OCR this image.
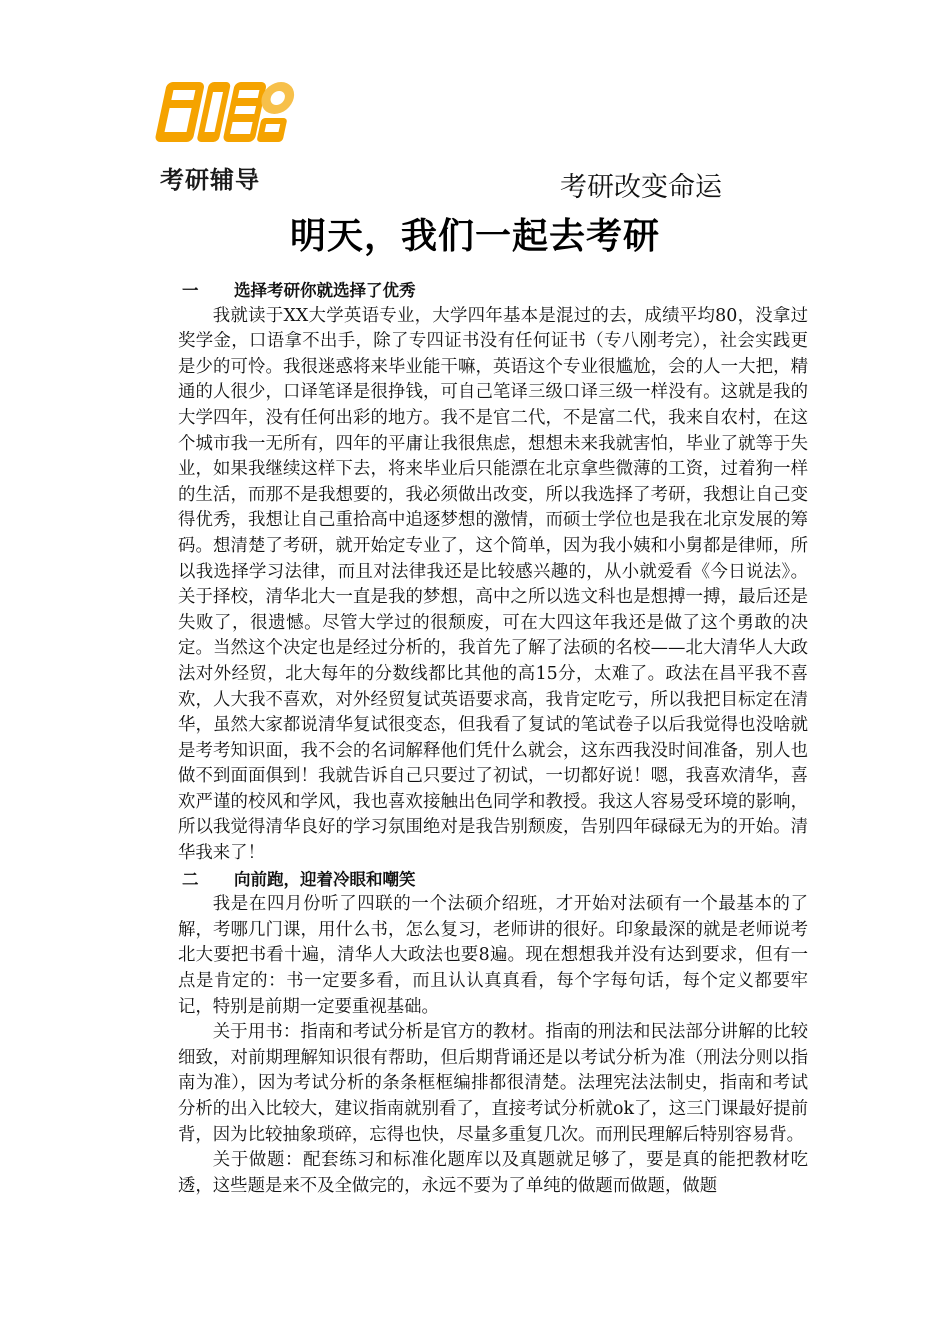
考研辅导	考研改变命运
明天，我们一起去考研
一 选择考研你就选择了优秀

我就读于XX大学英语专业，大学四年基本是混过的去，成绩平均80，没拿过奖学金，口语拿不出手，除了专四证书没有任何证书（专八刚考完），社会实践更是少的可怜。我很迷惑将来毕业能干嘛，英语这个专业很尴尬，会的人一大把，精通的人很少，口译笔译是很挣钱，可自己笔译三级口译三级一样没有。这就是我的大学四年，没有任何出彩的地方。我不是官二代，不是富二代，我来自农村，在这个城市我一无所有，四年的平庸让我很焦虑，想想未来我就害怕，毕业了就等于失业，如果我继续这样下去，将来毕业后只能漂在北京拿些微薄的工资，过着狗一样的生活，而那不是我想要的，我必须做出改变，所以我选择了考研，我想让自己变得优秀，我想让自己重拾高中追逐梦想的激情，而硕士学位也是我在北京发展的筹码。想清楚了考研，就开始定专业了，这个简单，因为我小姨和小舅都是律师，所以我选择学习法律，而且对法律我还是比较感兴趣的，从小就爱看《今日说法》。关于择校，清华北大一直是我的梦想，高中之所以选文科也是想搏一搏，最后还是失败了，很遗憾。尽管大学过的很颓废，可在大四这年我还是做了这个勇敢的决定。当然这个决定也是经过分析的，我首先了解了法硕的名校——北大清华人大政法对外经贸，北大每年的分数线都比其他的高15分，太难了。政法在昌平我不喜欢，人大我不喜欢，对外经贸复试英语要求高，我肯定吃亏，所以我把目标定在清华，虽然大家都说清华复试很变态，但我看了复试的笔试卷子以后我觉得也没啥就是考考知识面，我不会的名词解释他们凭什么就会，这东西我没时间准备，别人也做不到面面俱到！我就告诉自己只要过了初试，一切都好说！嗯，我喜欢清华，喜欢严谨的校风和学风，我也喜欢接触出色同学和教授。我这人容易受环境的影响，所以我觉得清华良好的学习氛围绝对是我告别颓废，告别四年碌碌无为的开始。清华我来了！

二 向前跑，迎着冷眼和嘲笑

我是在四月份听了四联的一个法硕介绍班，才开始对法硕有一个最基本的了解，考哪几门课，用什么书，怎么复习，老师讲的很好。印象最深的就是老师说考北大要把书看十遍，清华人大政法也要8遍。现在想想我并没有达到要求，但有一点是肯定的：书一定要多看，而且认认真真看，每个字每句话，每个定义都要牢记，特别是前期一定要重视基础。

关于用书：指南和考试分析是官方的教材。指南的刑法和民法部分讲解的比较细致，对前期理解知识很有帮助，但后期背诵还是以考试分析为准（刑法分则以指南为准），因为考试分析的条条框框编排都很清楚。法理宪法法制史，指南和考试分析的出入比较大，建议指南就别看了，直接考试分析就ok了，这三门课最好提前背，因为比较抽象琐碎，忘得也快，尽量多重复几次。而刑民理解后特别容易背。

关于做题：配套练习和标准化题库以及真题就足够了，要是真的能把教材吃透，这些题是来不及全做完的，永远不要为了单纯的做题而做题，做题
